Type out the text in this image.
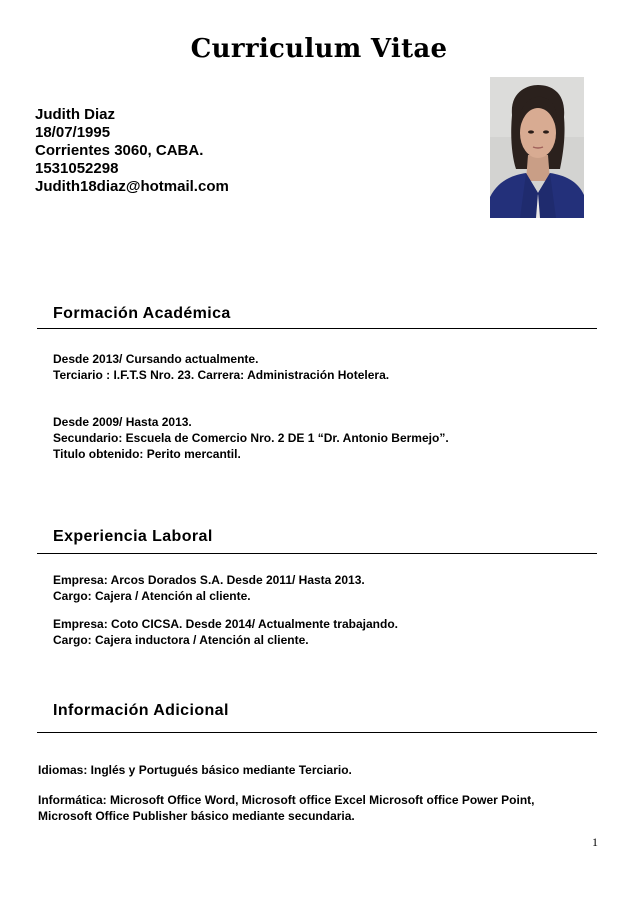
Curriculum Vitae
Judith Diaz
18/07/1995
Corrientes 3060, CABA.
1531052298
Judith18diaz@hotmail.com
Formación Académica
Desde 2013/ Cursando actualmente.
Terciario : I.F.T.S Nro. 23. Carrera: Administración Hotelera.
Desde 2009/ Hasta 2013.
Secundario: Escuela de Comercio Nro. 2 DE 1 “Dr. Antonio Bermejo”.
Titulo obtenido: Perito mercantil.
Experiencia Laboral
Empresa: Arcos Dorados S.A. Desde 2011/ Hasta 2013.
Cargo: Cajera / Atención al cliente.
Empresa: Coto CICSA. Desde 2014/ Actualmente trabajando.
Cargo: Cajera inductora / Atención al cliente.
Información Adicional
Idiomas: Inglés y Portugués básico mediante Terciario.
Informática: Microsoft Office Word, Microsoft office Excel Microsoft office Power Point,
Microsoft Office Publisher básico mediante secundaria.
1
